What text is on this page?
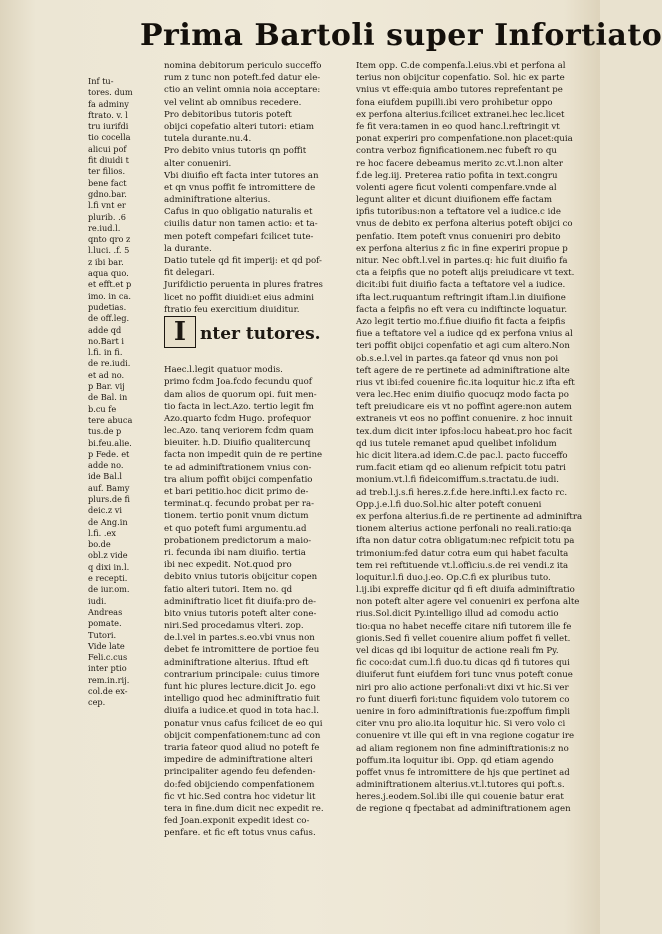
Prima Bartoli super Infortiato
Inf tu-
tores. dum
fa adminy
ftrato. v. l
tru iurifdi
tio cocella
alicui pof
fit diuidi t
ter filios.
bene fact
gdno.bar.
l.fi vnt er
plurib. .6
re.iud.l.
qnto qro z
l.luci. .f. 5
z ibi bar.
aqua quo.
et efft.et p
imo. in ca.
pudetias.
de off.leg.
adde qd
no.Bart i
l.fi. in fi.
de re.iudi.
et ad no.
p Bar. vij
de Bal. in
b.cu fe
tere abuca
tus.de p
bi.feu.alie.
p Fede. et
adde no.
ide Bal.l
auf. Bamy
plurs.de fi
deic.z vi
de Ang.in
l.fi. .ex
bo.de
obl.z vide
q dixi in.l.
e recepti.
de iur.om.
iudi.
Andreas
pomate.
Tutori.
Vide late
Feli.c.cus
inter ptio
rem.in.rij.
col.de ex-
cep.
nomina debitorum periculo succeffo
rum z tunc non poteft.fed datur ele-
ctio an velint omnia noia acceptare:
vel velint ab omnibus recedere.
Pro debitoribus tutoris poteft
obijci copefatio alteri tutori: etiam
tutela durante.nu.4.
Pro debito vnius tutoris qn poffit
alter conueniri.
Vbi diuifio eft facta inter tutores an
et qn vnus poffit fe intromittere de
adminiftratione alterius.
Cafus in quo obligatio naturalis et
ciuilis datur non tamen actio: et ta-
men poteft compefari fcilicet tute-
la durante.
Datio tutele qd fit imperij: et qd pof-
fit delegari.
Jurifdictio peruenta in plures fratres
licet no poffit diuidi:et eius admini
ftratio feu exercitium diuiditur.
I nter tutores.
Haec.l.legit quatuor modis.
primo fcdm Joa.fcdo fecundu quof
dam alios de quorum opi. fuit men-
tio facta in lect.Azo. tertio legit fm
Azo.quarto fcdm Hugo. profequor
lec.Azo. tanq veriorem fcdm quam
bieuiter. h.D. Diuifio qualitercunq
facta non impedit quin de re pertine
te ad adminiftrationem vnius con-
tra alium poffit obijci compenfatio
et bari petitio.hoc dicit primo de-
terminat.q. fecundo probat per ra-
tionem. tertio ponit vnum dictum
et quo poteft fumi argumentu.ad
probationem predictorum a maio-
ri. fecunda ibi nam diuifio. tertia
ibi nec expedit. Not.quod pro
debito vnius tutoris obijcitur copen
fatio alteri tutori. Item no. qd
adminiftratio licet fit diuifa:pro de-
bito vnius tutoris poteft alter cone-
niri.Sed procedamus vlteri. zop.
de.l.vel in partes.s.eo.vbi vnus non
debet fe intromittere de portioe feu
adminiftratione alterius. Iftud eft
contrarium principale: cuius timore
funt hic plures lecture.dicit Jo. ego
intelligo quod hec adminiftratio fuit
diuifa a iudice.et quod in tota hac.l.
ponatur vnus cafus fcilicet de eo qui
obijcit compenfationem:tunc ad con
traria fateor quod aliud no poteft fe
impedire de adminiftratione alteri
principaliter agendo feu defenden-
do:fed obijciendo compenfationem
fic vt hic.Sed contra hoc videtur lit
tera in fine.dum dicit nec expedit re.
fed Joan.exponit expedit idest co-
penfare. et fic eft totus vnus cafus.
Item opp. C.de compenfa.l.eius.vbi et perfona al
terius non obijcitur copenfatio. Sol. hic ex parte
vnius vt effe:quia ambo tutores reprefentant pe
fona eiufdem pupilli.ibi vero prohibetur oppo
ex perfona alterius.fcilicet extranei.hec lec.licet
fe fit vera:tamen in eo quod hanc.l.reftringit vt
ponat experiri pro compenfatione.non placet:quia
contra verboz fignificationem.nec fubeft ro qu
re hoc facere debeamus merito zc.vt.l.non alter
f.de leg.iij. Preterea ratio pofita in text.congru
volenti agere ficut volenti compenfare.vnde al
legunt aliter et dicunt diuifionem effe factam
ipfis tutoribus:non a teftatore vel a iudice.c ide
vnus de debito ex perfona alterius poteft obijci co
penfatio. Item poteft vnus conueniri pro debito
ex perfona alterius z fic in fine experiri propue p
nitur. Nec obft.l.vel in partes.q: hic fuit diuifio fa
cta a feipfis que no poteft alijs preiudicare vt text.
dicit:ibi fuit diuifio facta a teftatore vel a iudice.
ifta lect.ruquantum reftringit iftam.l.in diuifione
facta a feipfis no eft vera cu indiftincte loquatur.
Azo legit tertio mo.f.fiue diuifio fit facta a feipfis
fiue a teftatore vel a iudice qd ex perfona vnius al
teri poffit obijci copenfatio et agi cum altero.Non
ob.s.e.l.vel in partes.qa fateor qd vnus non poi
teft agere de re pertinete ad adminiftratione alte
rius vt ibi:fed couenire fic.ita loquitur hic.z ifta eft
vera lec.Hec enim diuifio quocuqz modo facta po
teft preiudicare eis vt no poffint agere:non autem
extraneis vt eos no poffint conuenire. z hoc innuit
tex.dum dicit inter ipfos:locu habeat.pro hoc facit
qd ius tutele remanet apud quelibet infolidum
hic dicit litera.ad idem.C.de pac.l. pacto fucceffo
rum.facit etiam qd eo alienum refpicit totu patri
monium.vt.l.fi fideicomiffum.s.tractatu.de iudi.
ad treb.l.j.s.fi heres.z.f.de here.infti.l.ex facto rc.
Opp.j.e.l.fi duo.Sol.hic alter poteft conueni
ex perfona alterius.fi.de re pertinente ad adminiftra
tionem alterius actione perfonali no reali.ratio:qa
ifta non datur cotra obligatum:nec refpicit totu pa
trimonium:fed datur cotra eum qui habet faculta
tem rei reftituende vt.l.officiu.s.de rei vendi.z ita
loquitur.l.fi duo.j.eo. Op.C.fi ex pluribus tuto.
l.ij.ibi expreffe dicitur qd fi eft diuifa adminiftratio
non poteft alter agere vel conueniri ex perfona alte
rius.Sol.dicit Py.intelligo illud ad comodu actio
tio:qua no habet neceffe citare nifi tutorem ille fe
gionis.Sed fi vellet couenire alium poffet fi vellet.
vel dicas qd ibi loquitur de actione reali fm Py.
fic coco:dat cum.l.fi duo.tu dicas qd fi tutores qui
diuiferut funt eiufdem fori tunc vnus poteft conue
niri pro alio actione perfonali:vt dixi vt hic.Si ver
ro funt diuerfi fori:tunc fiquidem volo tutorem co
uenire in foro adminiftrationis fue:zpoffum fimpli
citer vnu pro alio.ita loquitur hic. Si vero volo ci
conuenire vt ille qui eft in vna regione cogatur ire
ad aliam regionem non fine adminiftrationis:z no
poffum.ita loquitur ibi. Opp. qd etiam agendo
poffet vnus fe intromittere de hjs que pertinet ad
adminiftrationem alterius.vt.l.tutores qui poft.s.
heres.j.eodem.Sol.ibi ille qui couenie batur erat
de regione q fpectabat ad adminiftrationem agen
